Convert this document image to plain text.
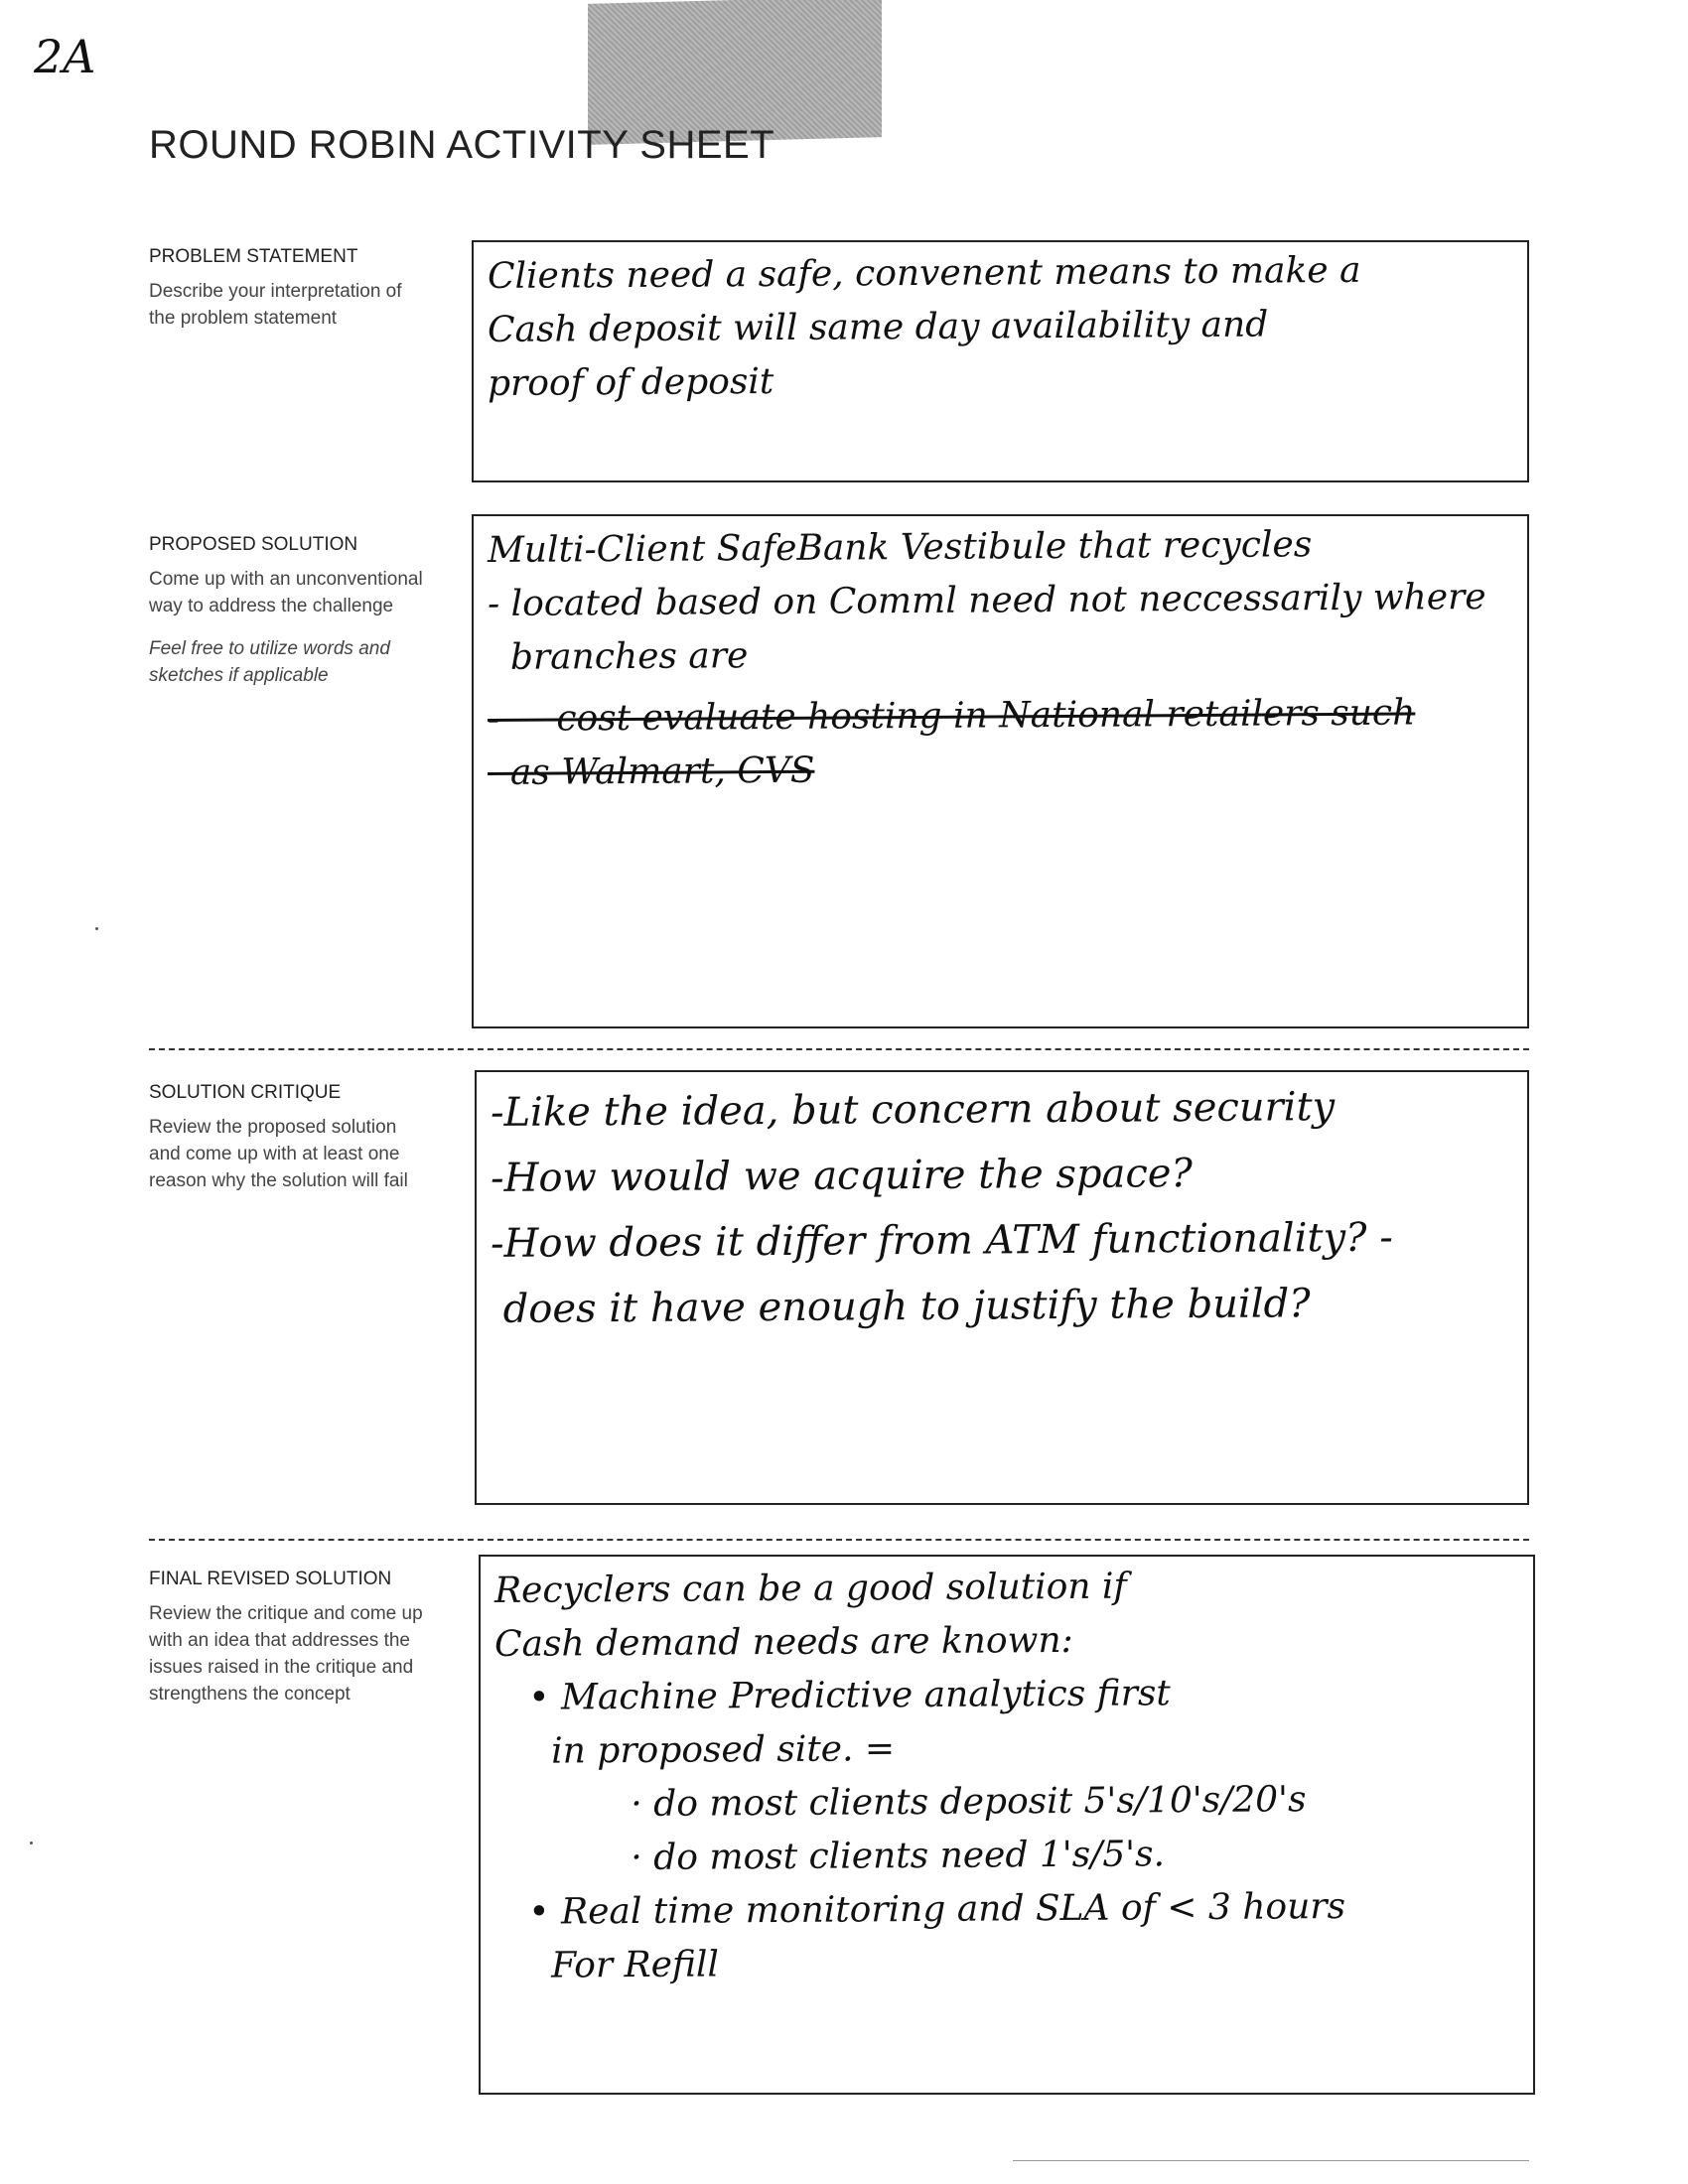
2A
ROUND ROBIN ACTIVITY SHEET
PROBLEM STATEMENT
Describe your interpretation of the problem statement

Clients need a safe, convenent means to make a

Cash deposit will same day availability and

proof of deposit

PROPOSED SOLUTION
Come up with an unconventional way to address the challenge
Feel free to utilize words and sketches if applicable

Multi-Client SafeBank Vestibule that recycles

- located based on Comml need not neccessarily where

branches are

-     cost evaluate hosting in National retailers such

as Walmart, CVS

SOLUTION CRITIQUE
Review the proposed solution and come up with at least one reason why the solution will fail

-Like the idea, but concern about security

-How would we acquire the space?

-How does it differ from ATM functionality? -

does it have enough to justify the build?

FINAL REVISED SOLUTION
Review the critique and come up with an idea that addresses the issues raised in the critique and strengthens the concept

Recyclers can be a good solution if

Cash demand needs are known:

• Machine Predictive analytics first

in proposed site. =

· do most clients deposit 5's/10's/20's

· do most clients need 1's/5's.

• Real time monitoring and SLA of < 3 hours

For Refill
